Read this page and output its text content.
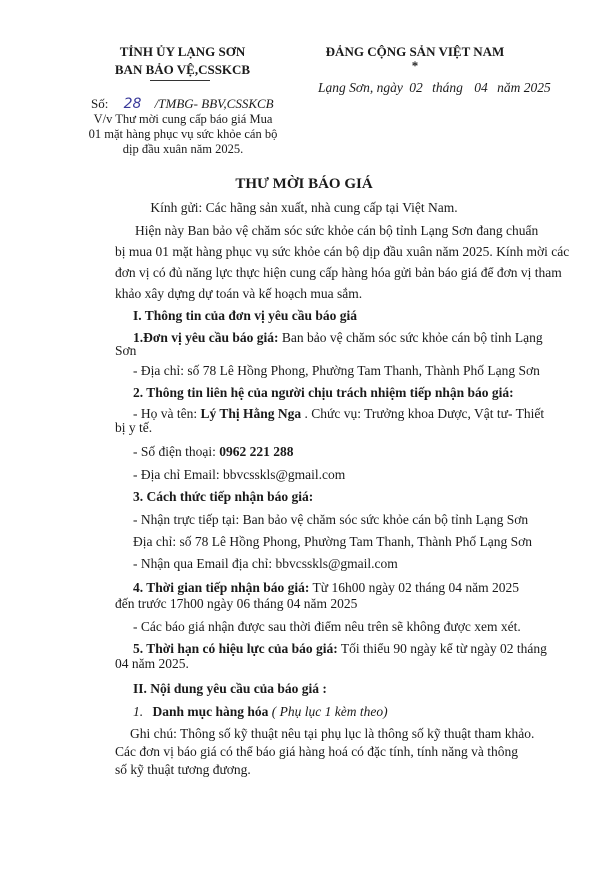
TỈNH ỦY LẠNG SƠN
BAN BẢO VỆ,CSSKCB
Số: 28 /TMBG- BBV,CSSKCB
V/v Thư mời cung cấp báo giá Mua
01 mặt hàng phục vụ sức khỏe cán bộ
dịp đầu xuân năm 2025.
ĐẢNG CỘNG SẢN VIỆT NAM
*
Lạng Sơn, ngày 02 tháng 04 năm 2025
THƯ MỜI BÁO GIÁ
Kính gửi: Các hãng sản xuất, nhà cung cấp tại Việt Nam.
Hiện này Ban bảo vệ chăm sóc sức khỏe cán bộ tỉnh Lạng Sơn đang chuẩn
bị mua 01 mặt hàng phục vụ sức khỏe cán bộ dịp đầu xuân năm 2025. Kính mời các
đơn vị có đủ năng lực thực hiện cung cấp hàng hóa gửi bản báo giá để đơn vị tham
khảo xây dựng dự toán và kế hoạch mua sắm.
I. Thông tin của đơn vị yêu cầu báo giá
1.Đơn vị yêu cầu báo giá: Ban bảo vệ chăm sóc sức khỏe cán bộ tỉnh Lạng
Sơn
- Địa chỉ: số 78 Lê Hồng Phong, Phường Tam Thanh, Thành Phố Lạng Sơn
2. Thông tin liên hệ của người chịu trách nhiệm tiếp nhận báo giá:
- Họ và tên: Lý Thị Hằng Nga . Chức vụ: Trưởng khoa Dược, Vật tư- Thiết
bị y tế.
- Số điện thoại: 0962 221 288
- Địa chỉ Email: bbvcsskls@gmail.com
3. Cách thức tiếp nhận báo giá:
- Nhận trực tiếp tại: Ban bảo vệ chăm sóc sức khỏe cán bộ tỉnh Lạng Sơn
Địa chỉ: số 78 Lê Hồng Phong, Phường Tam Thanh, Thành Phố Lạng Sơn
- Nhận qua Email địa chỉ: bbvcsskls@gmail.com
4. Thời gian tiếp nhận báo giá: Từ 16h00 ngày 02 tháng 04 năm 2025
đến trước 17h00 ngày 06 tháng 04 năm 2025
- Các báo giá nhận được sau thời điểm nêu trên sẽ không được xem xét.
5. Thời hạn có hiệu lực của báo giá: Tối thiểu 90 ngày kể từ ngày 02 tháng
04 năm 2025.
II. Nội dung yêu cầu của báo giá :
1. Danh mục hàng hóa ( Phụ lục 1 kèm theo)
Ghi chú: Thông số kỹ thuật nêu tại phụ lục là thông số kỹ thuật tham khảo.
Các đơn vị báo giá có thể báo giá hàng hoá có đặc tính, tính năng và thông
số kỹ thuật tương đương.
